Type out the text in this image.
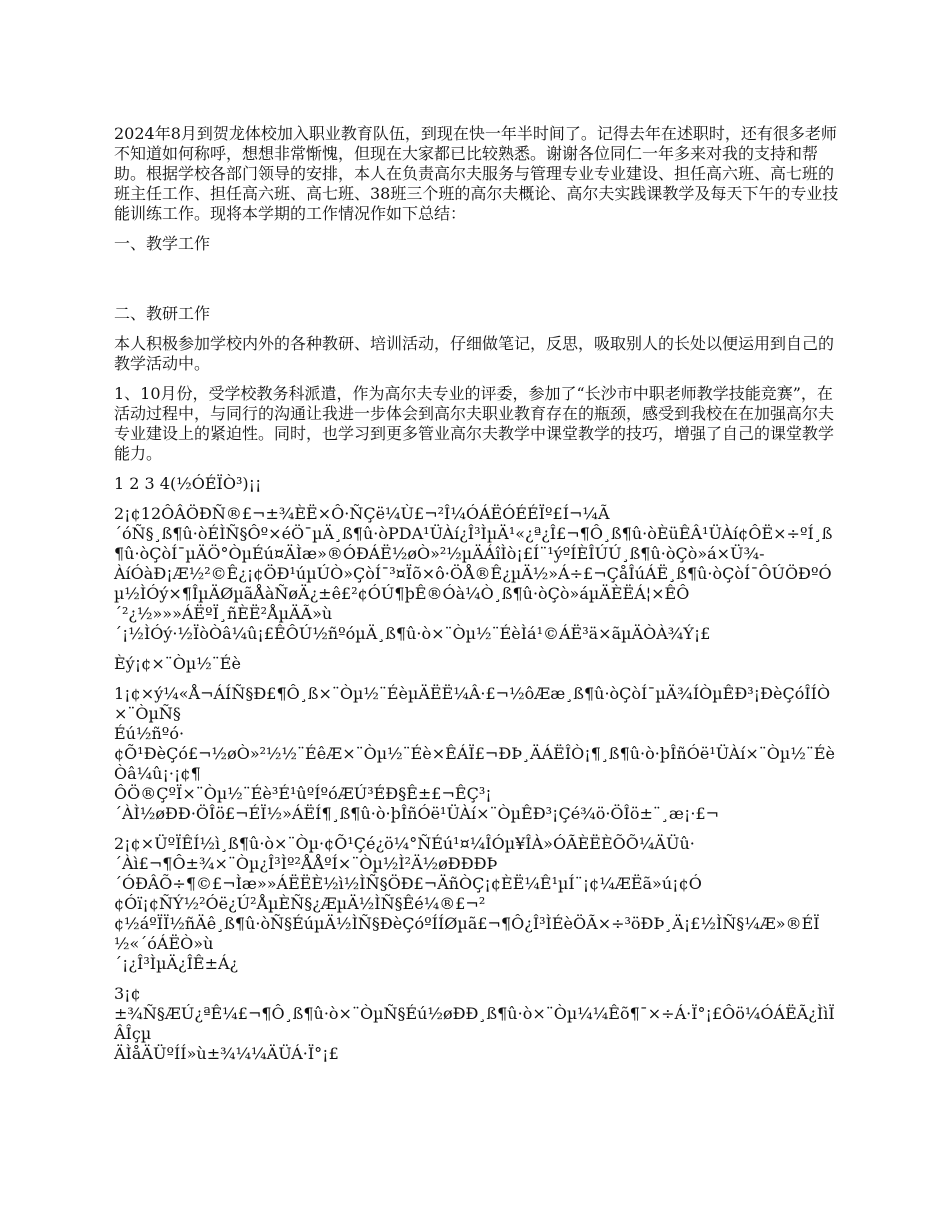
2024年8月到贺龙体校加入职业教育队伍，到现在快一年半时间了。记得去年在述职时，还有很多老师不知道如何称呼，想想非常惭愧，但现在大家都已比较熟悉。谢谢各位同仁一年多来对我的支持和帮助。根据学校各部门领导的安排，本人在负责高尔夫服务与管理专业专业建设、担任高六班、高七班的班主任工作、担任高六班、高七班、38班三个班的高尔夫概论、高尔夫实践课教学及每天下午的专业技能训练工作。现将本学期的工作情况作如下总结：

一、教学工作

二、教研工作

本人积极参加学校内外的各种教研、培训活动，仔细做笔记，反思，吸取别人的长处以便运用到自己的教学活动中。

1、10月份，受学校教务科派遣，作为高尔夫专业的评委，参加了“长沙市中职老师教学技能竞赛”，在活动过程中，与同行的沟通让我进一步体会到高尔夫职业教育存在的瓶颈，感受到我校在在加强高尔夫专业建设上的紧迫性。同时，也学习到更多管业高尔夫教学中课堂教学的技巧，增强了自己的课堂教学能力。

1 2 3 4(½ÓÉÏÒ³)¡¡

2¡¢12ÔÂÖÐÑ®£¬±¾ÈË×Ô·ÑÇë¼Ù£¬²Î¼ÓÁËÓÉÉÏº£Í¬¼Ã
´óÑ§¸ß¶û·òÉÌÑ§Ôº×éÖ¯µÄ¸ß¶û·òPDA¹ÜÀí¿Î³ÌµÄ¹«¿ª¿Î£¬¶Ô¸ß¶û·òÈüÊÂ¹ÜÀí¢ÔË×÷ºÍ¸ß¶û·òÇòÍ¯µÄÖ°ÒµÉú¤ÄÌæ»®ÓÐÁË½øÒ»²½µÄÁîÌò¡£Í¨¹ýºÍÈÎÚÚ¸ß¶û·òÇò»á×Ü¾-
ÀíÓàÐ¡Æ½²©Ê¿¡¢ÖÐ¹úµÚÒ»ÇòÍ¯³¤Ïõ×ô·ÖÅ®Ê¿µÄ½»Á÷£¬ÇåÎúÁË¸ß¶û·òÇòÍ¯ÔÚÖÐºÓµ½ÌÓý×¶ÎµÄØµãÅàÑøÄ¿±ê£²¢ÓÚ¶þÊ®Óà¼Ò¸ß¶û·òÇò»áµÄÈËÁ¦×ÊÔ
´²¿½»»»ÁËºÏ¸ñÈË²ÅµÄÃ»ù
´¡½ÌÓý·½ÏòÒâ¼û¡£ÊÔÚ½ñºóµÄ¸ß¶û·ò×¨Òµ½¨ÉèÌá¹©ÁË³ä×ãµÄÒÀ¾Ý¡£

Èý¡¢×¨Òµ½¨Éè

1¡¢×ý¼«Å¬ÁÍÑ§Ð£¶Ô¸ß×¨Òµ½¨ÉèµÄËË¼Â·£¬½ôÆæ¸ß¶û·òÇòÍ¯µÄ¾ÍÒµÊÐ³¡ÐèÇóÎÍÒ×¨ÒµÑ§
Éú½ñºó·
¢Õ¹ÐèÇó£¬½øÒ»²½½¨ÉêÆ×¨Òµ½¨Éè×ÊÁÏ£¬ÐÞ¸ÄÁËÎÒ¡¶¸ß¶û·ò·þÎñÓë¹ÜÀí×¨Òµ½¨ÉèÒâ¼û¡·¡¢¶
ÔÖ®ÇºÏ×¨Òµ½¨Éè³É¹ûºÍºóÆÚ³ÉÐ§Ê±£¬ÊÇ³¡
´ÀÌ½øÐÐ·ÖÎö£¬ÉÏ½»ÁËÍ¶¸ß¶û·ò·þÎñÓë¹ÜÀí×¨ÒµÊÐ³¡Çé¾ö·ÖÎö±¨¸æ¡·£¬

2¡¢×ÜºÏÊÍ½ì¸ß¶û·ò×¨Òµ·¢Õ¹Çé¿ö¼°ÑÉú¹¤¼ÎÓµ¥ÎÀ»ÓÃÈËÈÕÕ¼ÄÜû·
´Àì£¬¶Ô±¾×¨Òµ¿Î³Ìº²ÅÅºÍ×¨Òµ½Ì²Ä½øÐÐÐÞ
´ÓÐÂÕ÷¶©£¬Ìæ»»ÁËËÈ½ì½ÌÑ§ÖÐ£¬ÄñÒÇ¡¢ÈË¼Ê¹µÍ¨¡¢¼ÆËã»ú¡¢Ó
¢Óï¡¢ÑÝ½²Óë¿Ú²ÅµÈÑ§¿ÆµÄ½ÌÑ§Êé¼®£¬²
¢½áºÏÏ½ñÄê¸ß¶û·òÑ§ÉúµÄ½ÌÑ§ÐèÇóºÍÍØµã£¬¶Ô¿Î³ÌÉèÖÃ×÷³öÐÞ¸Ä¡£½ÌÑ§¼Æ»®ÉÏ½«´óÁËÒ»ù
´¡¿Î³ÌµÄ¿ÎÊ±Á¿

3¡¢
±¾Ñ§ÆÚ¿ªÊ¼£¬¶Ô¸ß¶û·ò×¨ÒµÑ§Éú½øÐÐ¸ß¶û·ò×¨Òµ¼¼Êõ¶¯×÷Á·Ï°¡£Ôö¼ÓÁËÃ¿ÌìÏÂÎçµ
ÄÌåÄÜºÍÍ»ù±¾¼¼ÄÜÁ·Ï°¡£
